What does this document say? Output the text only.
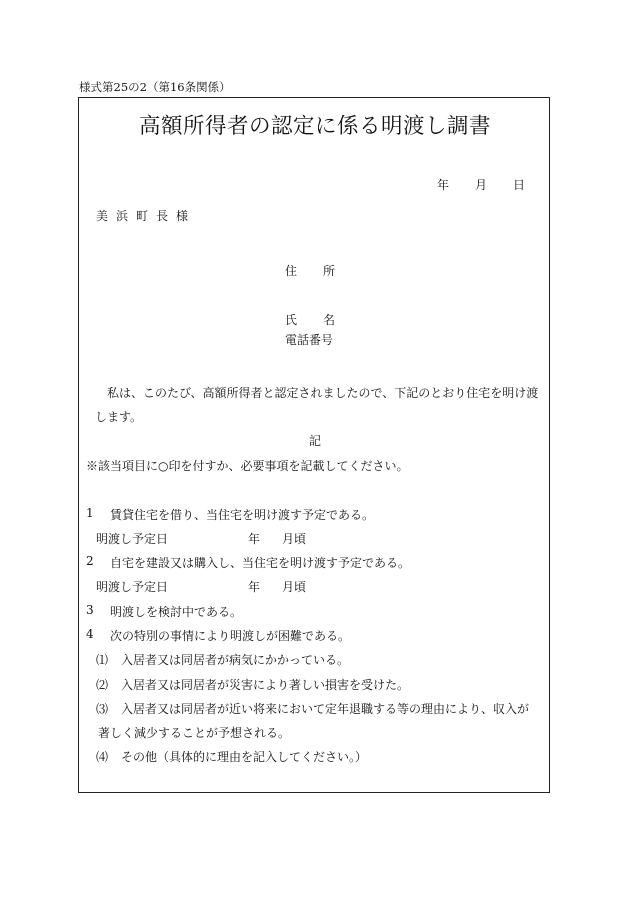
様式第25の2（第16条関係）
高額所得者の認定に係る明渡し調書
年 月 日
美浜町長様
住所
氏名
電話番号
私は、このたび、高額所得者と認定されましたので、下記のとおり住宅を明け渡します。
記
※該当項目に○印を付すか、必要事項を記載してください。
1 賃貸住宅を借り、当住宅を明け渡す予定である。
明渡し予定日	年 月頃
2 自宅を建設又は購入し、当住宅を明け渡す予定である。
明渡し予定日	年 月頃
3 明渡しを検討中である。
4 次の特別の事情により明渡しが困難である。
⑴ 入居者又は同居者が病気にかかっている。
⑵ 入居者又は同居者が災害により著しい損害を受けた。
⑶ 入居者又は同居者が近い将来において定年退職する等の理由により、収入が
著しく減少することが予想される。
⑷ その他（具体的に理由を記入してください。）
